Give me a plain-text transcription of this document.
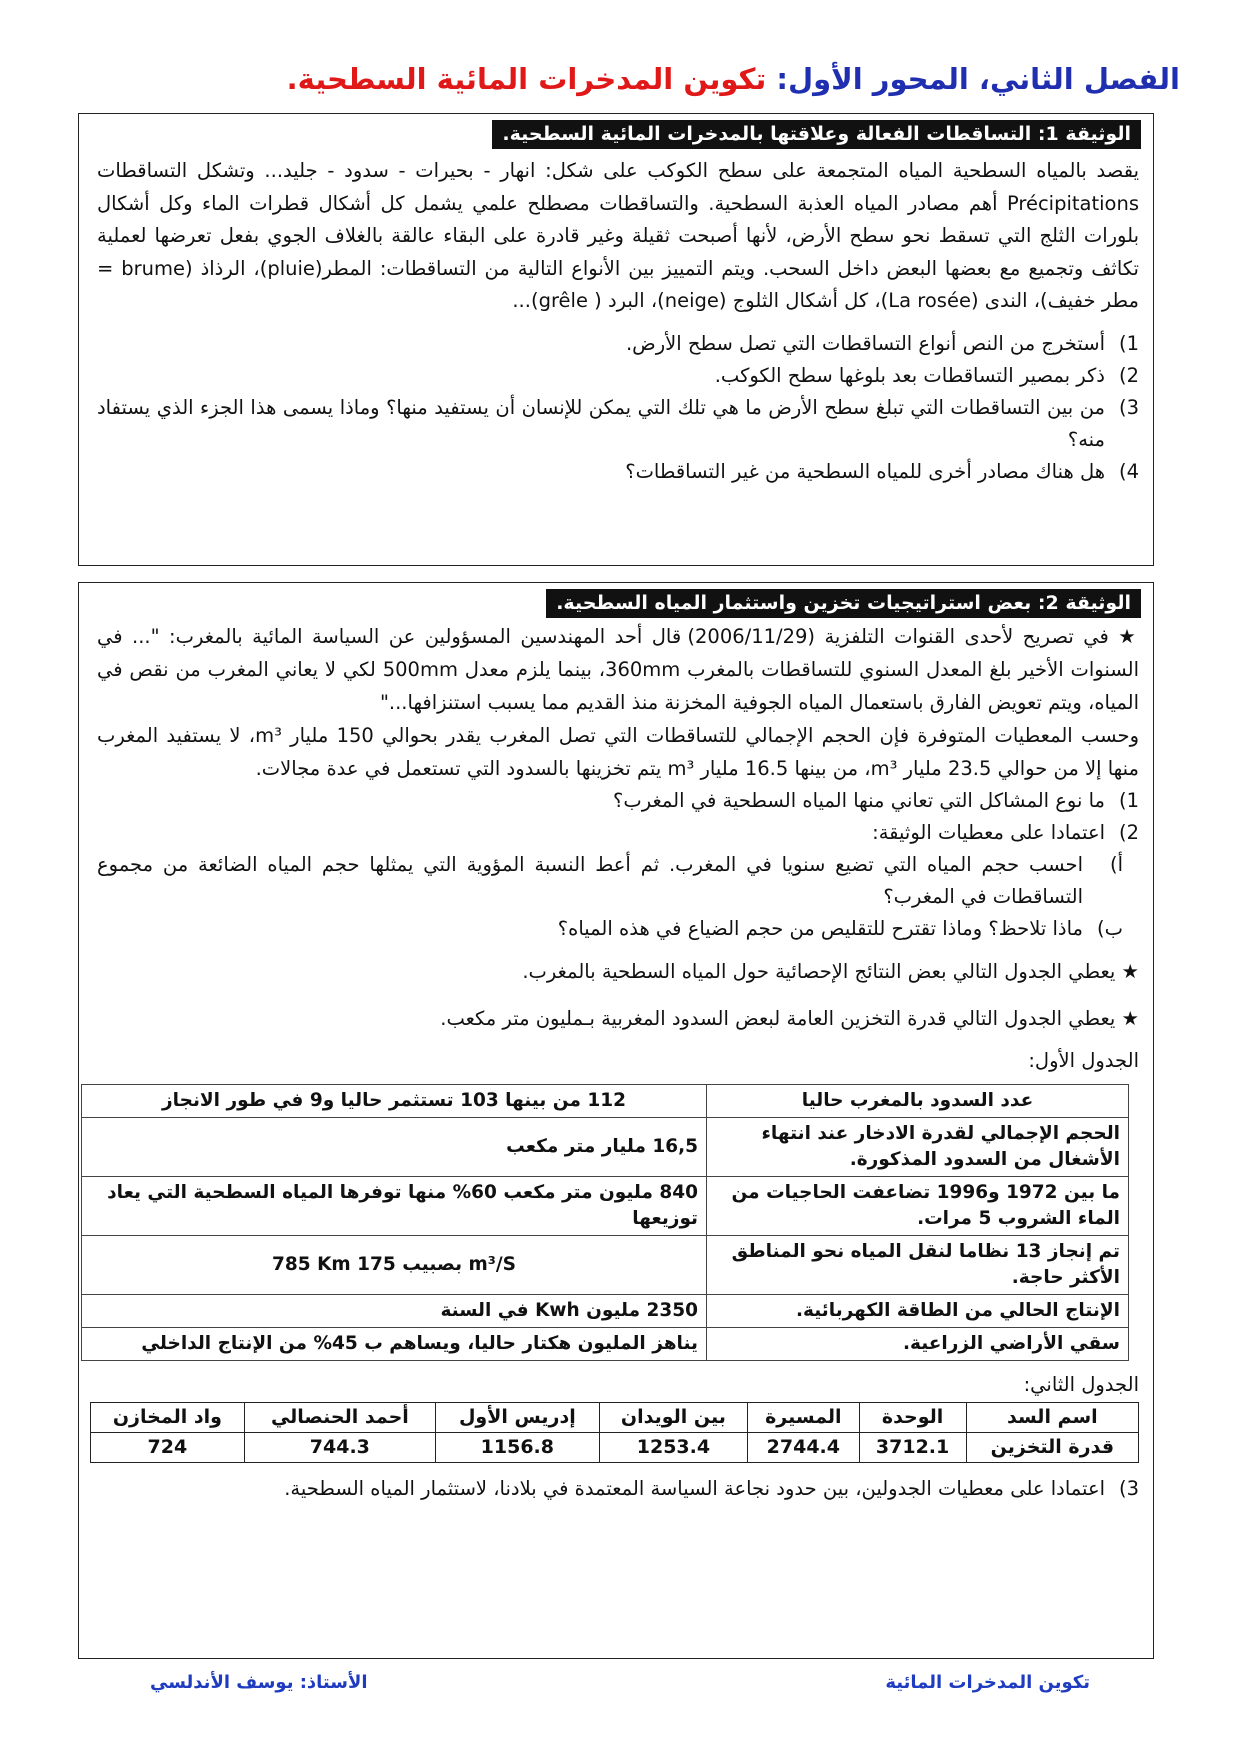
الفصل الثاني، المحور الأول: تكوين المدخرات المائية السطحية.
الوثيقة 1: التساقطات الفعالة وعلاقتها بالمدخرات المائية السطحية.
يقصد بالمياه السطحية المياه المتجمعة على سطح الكوكب على شكل: انهار - بحيرات - سدود - جليد... وتشكل التساقطات Précipitations أهم مصادر المياه العذبة السطحية. والتساقطات مصطلح علمي يشمل كل أشكال قطرات الماء وكل أشكال بلورات الثلج التي تسقط نحو سطح الأرض، لأنها أصبحت ثقيلة وغير قادرة على البقاء عالقة بالغلاف الجوي بفعل تعرضها لعملية تكاثف وتجميع مع بعضها البعض داخل السحب. ويتم التمييز بين الأنواع التالية من التساقطات: المطر(pluie)، الرذاذ (brume = مطر خفيف)، الندى (La rosée)، كل أشكال الثلوج (neige)، البرد ( grêle)...
1)
أستخرج من النص أنواع التساقطات التي تصل سطح الأرض.
2)
ذكر بمصير التساقطات بعد بلوغها سطح الكوكب.
3)
من بين التساقطات التي تبلغ سطح الأرض ما هي تلك التي يمكن للإنسان أن يستفيد منها؟ وماذا يسمى هذا الجزء الذي يستفاد منه؟
4)
هل هناك مصادر أخرى للمياه السطحية من غير التساقطات؟
الوثيقة 2: بعض استراتيجيات تخزين واستثمار المياه السطحية.
★ في تصريح لأحدى القنوات التلفزية (2006/11/29) قال أحد المهندسين المسؤولين عن السياسة المائية بالمغرب: "... في السنوات الأخير بلغ المعدل السنوي للتساقطات بالمغرب 360mm، بينما يلزم معدل 500mm لكي لا يعاني المغرب من نقص في المياه، ويتم تعويض الفارق باستعمال المياه الجوفية المخزنة منذ القديم مما يسبب استنزافها..."
وحسب المعطيات المتوفرة فإن الحجم الإجمالي للتساقطات التي تصل المغرب يقدر بحوالي 150 مليار m³، لا يستفيد المغرب منها إلا من حوالي 23.5 مليار m³، من بينها 16.5 مليار m³ يتم تخزينها بالسدود التي تستعمل في عدة مجالات.
1)
ما نوع المشاكل التي تعاني منها المياه السطحية في المغرب؟
2)
اعتمادا على معطيات الوثيقة:
أ)
احسب حجم المياه التي تضيع سنويا في المغرب. ثم أعط النسبة المؤوية التي يمثلها حجم المياه الضائعة من مجموع التساقطات في المغرب؟
ب)
ماذا تلاحظ؟ وماذا تقترح للتقليص من حجم الضياع في هذه المياه؟
★ يعطي الجدول التالي بعض النتائج الإحصائية حول المياه السطحية بالمغرب.
★ يعطي الجدول التالي قدرة التخزين العامة لبعض السدود المغربية بـمليون متر مكعب.
الجدول الأول:
عدد السدود بالمغرب حاليا	112 من بينها 103 تستثمر حاليا و9 في طور الانجاز
الحجم الإجمالي لقدرة الادخار عند انتهاء الأشغال من السدود المذكورة.	16,5 مليار متر مكعب
ما بين 1972 و1996 تضاعفت الحاجيات من الماء الشروب 5 مرات.	840 مليون متر مكعب 60% منها توفرها المياه السطحية التي يعاد توزيعها
تم إنجاز 13 نظاما لنقل المياه نحو المناطق الأكثر حاجة.	785 Km بصبيب 175 m³/S
الإنتاج الحالي من الطاقة الكهربائية.	2350 مليون Kwh في السنة
سقي الأراضي الزراعية.	يناهز المليون هكتار حاليا، ويساهم ب 45% من الإنتاج الداخلي
الجدول الثاني:
اسم السد	الوحدة	المسيرة	بين الويدان	إدريس الأول	أحمد الحنصالي	واد المخازن
قدرة التخزين	3712.1	2744.4	1253.4	1156.8	744.3	724
3)
اعتمادا على معطيات الجدولين، بين حدود نجاعة السياسة المعتمدة في بلادنا، لاستثمار المياه السطحية.
تكوين المدخرات المائية
الأستاذ: يوسف الأندلسي
